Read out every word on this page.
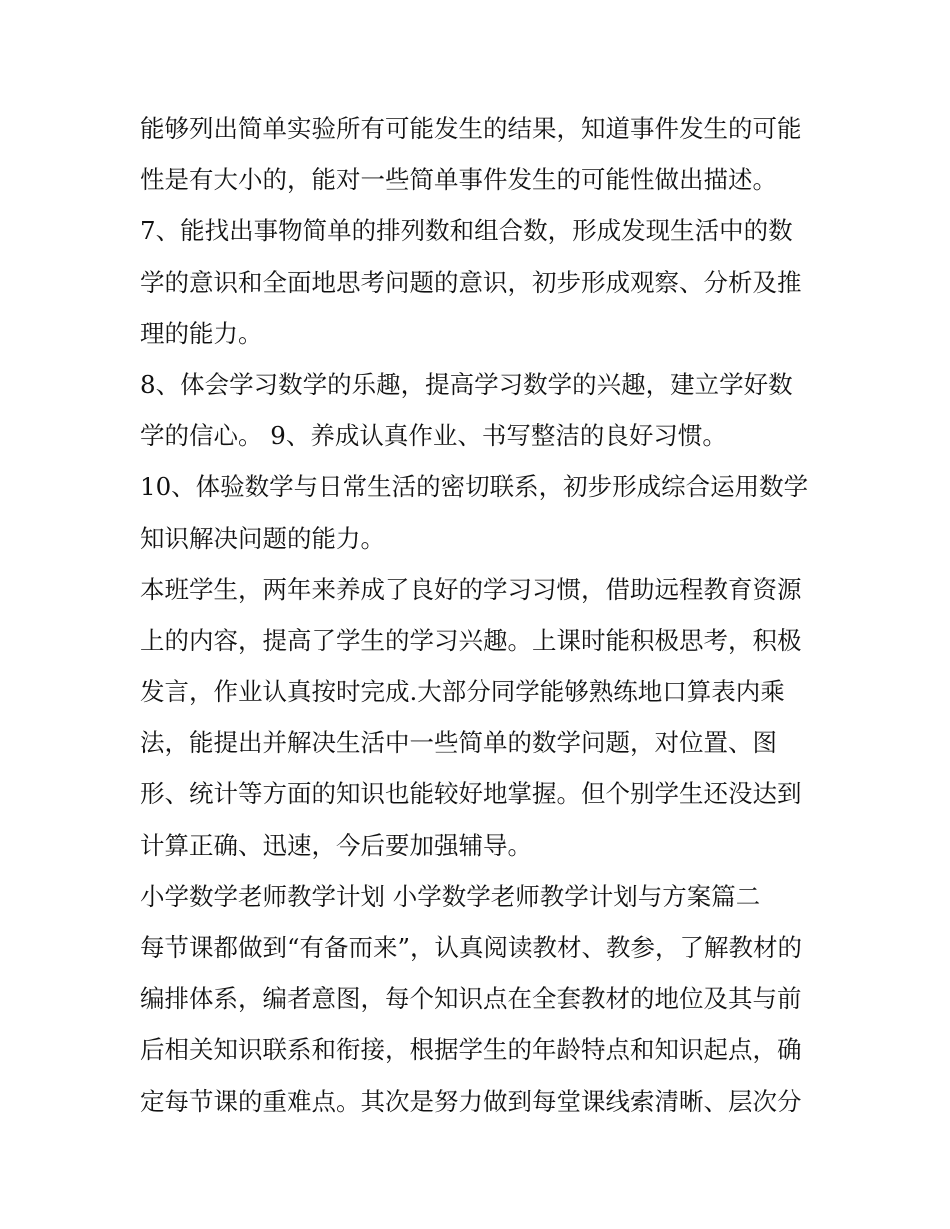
能够列出简单实验所有可能发生的结果，知道事件发生的可能
性是有大小的，能对一些简单事件发生的可能性做出描述。
7、能找出事物简单的排列数和组合数，形成发现生活中的数
学的意识和全面地思考问题的意识，初步形成观察、分析及推
理的能力。
8、体会学习数学的乐趣，提高学习数学的兴趣，建立学好数
学的信心。 9、养成认真作业、书写整洁的良好习惯。
10、体验数学与日常生活的密切联系，初步形成综合运用数学
知识解决问题的能力。
本班学生，两年来养成了良好的学习习惯，借助远程教育资源
上的内容，提高了学生的学习兴趣。上课时能积极思考，积极
发言，作业认真按时完成.大部分同学能够熟练地口算表内乘
法，能提出并解决生活中一些简单的数学问题，对位置、图
形、统计等方面的知识也能较好地掌握。但个别学生还没达到
计算正确、迅速，今后要加强辅导。
小学数学老师教学计划 小学数学老师教学计划与方案篇二
每节课都做到“有备而来”，认真阅读教材、教参，了解教材的
编排体系，编者意图，每个知识点在全套教材的地位及其与前
后相关知识联系和衔接，根据学生的年龄特点和知识起点，确
定每节课的重难点。其次是努力做到每堂课线索清晰、层次分
